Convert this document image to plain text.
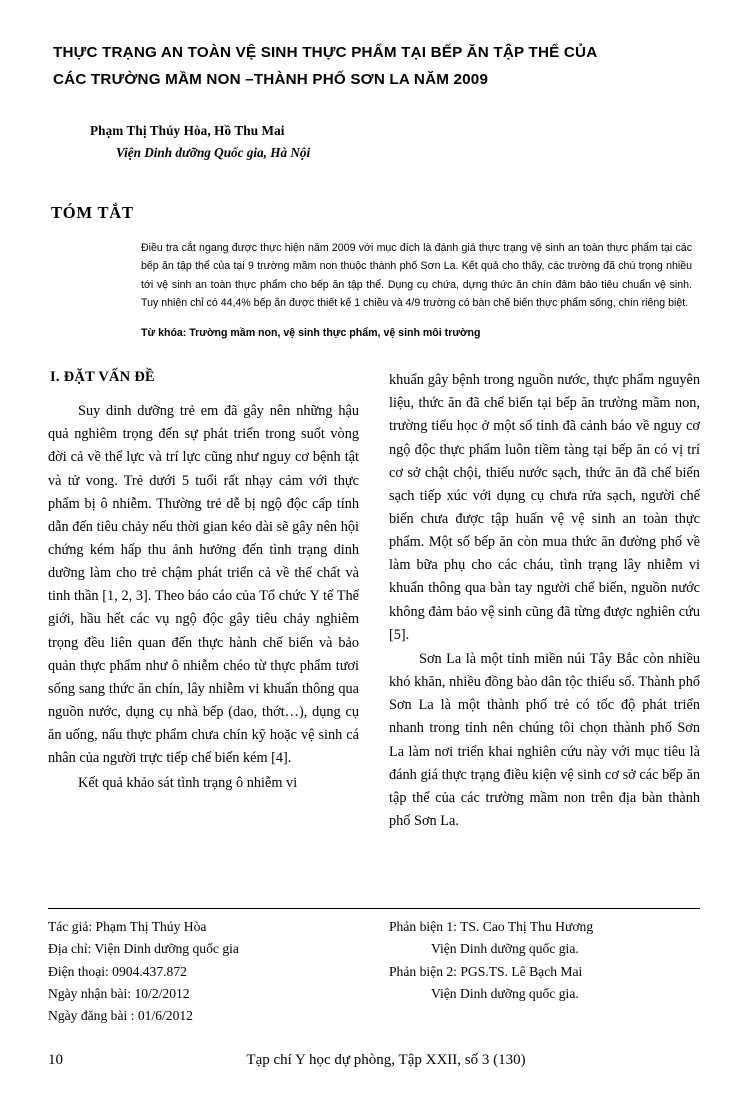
THỰC TRẠNG AN TOÀN VỆ SINH THỰC PHẨM TẠI BẾP ĂN TẬP THỂ CỦA
CÁC TRƯỜNG MẦM NON –THÀNH PHỐ SƠN LA NĂM 2009
Phạm Thị Thúy Hòa, Hồ Thu Mai
Viện Dinh dưỡng Quốc gia, Hà Nội
TÓM TẮT
Điều tra cắt ngang được thực hiện năm 2009 với mục đích là đánh giá thực trạng vệ sinh an toàn thực phẩm tại các bếp ăn tập thể của tại 9 trường mầm non thuộc thành phố Sơn La. Kết quả cho thấy, các trường đã chú trọng nhiều tới vệ sinh an toàn thực phẩm cho bếp ăn tập thể. Dụng cụ chứa, dựng thức ăn chín đảm bảo tiêu chuẩn vệ sinh. Tuy nhiên chỉ có 44,4% bếp ăn được thiết kế 1 chiều và 4/9 trường có bàn chế biến thực phẩm sống, chín riêng biệt.
Từ khóa: Trường mầm non, vệ sinh thực phẩm, vệ sinh môi trường
I. ĐẶT VẤN ĐỀ

Suy dinh dưỡng trẻ em đã gây nên những hậu quả nghiêm trọng đến sự phát triển trong suốt vòng đời cả về thể lực và trí lực cũng như nguy cơ bệnh tật và tử vong. Trẻ dưới 5 tuổi rất nhạy cảm với thực phẩm bị ô nhiễm. Thường trẻ dễ bị ngộ độc cấp tính dẫn đến tiêu chảy nếu thời gian kéo dài sẽ gây nên hội chứng kém hấp thu ảnh hưởng đến tình trạng dinh dưỡng làm cho trẻ chậm phát triển cả về thể chất và tinh thần [1, 2, 3]. Theo báo cáo của Tổ chức Y tế Thế giới, hầu hết các vụ ngộ độc gây tiêu chảy nghiêm trọng đều liên quan đến thực hành chế biến và bảo quản thực phẩm như ô nhiễm chéo từ thực phẩm tươi sống sang thức ăn chín, lây nhiễm vi khuẩn thông qua nguồn nước, dụng cụ nhà bếp (dao, thớt…), dụng cụ ăn uống, nấu thực phẩm chưa chín kỹ hoặc vệ sinh cá nhân của người trực tiếp chế biến kém [4].

Kết quả khảo sát tình trạng ô nhiễm vi

khuẩn gây bệnh trong nguồn nước, thực phẩm nguyên liệu, thức ăn đã chế biến tại bếp ăn trường mầm non, trường tiểu học ở một số tỉnh đã cảnh báo về nguy cơ ngộ độc thực phẩm luôn tiềm tàng tại bếp ăn có vị trí cơ sở chật chội, thiếu nước sạch, thức ăn đã chế biến sạch tiếp xúc với dụng cụ chưa rửa sạch, người chế biến chưa được tập huấn vệ vệ sinh an toàn thực phẩm. Một số bếp ăn còn mua thức ăn đường phố về làm bữa phụ cho các cháu, tình trạng lây nhiễm vi khuẩn thông qua bàn tay người chế biến, nguồn nước không đảm bảo vệ sinh cũng đã từng được nghiên cứu [5].

Sơn La là một tỉnh miền núi Tây Bắc còn nhiều khó khăn, nhiều đồng bào dân tộc thiểu số. Thành phố Sơn La là một thành phố trẻ có tốc độ phát triển nhanh trong tỉnh nên chúng tôi chọn thành phố Sơn La làm nơi triển khai nghiên cứu này với mục tiêu là đánh giá thực trạng điều kiện vệ sinh cơ sở các bếp ăn tập thể của các trường mầm non trên địa bàn thành phố Sơn La.

Tác giả: Phạm Thị Thúy Hòa
Địa chỉ: Viện Dinh dưỡng quốc gia
Điện thoại: 0904.437.872
Ngày nhận bài: 10/2/2012
Ngày đăng bài : 01/6/2012
Phản biện 1: TS. Cao Thị Thu Hương
Viện Dinh dưỡng quốc gia.
Phản biện 2: PGS.TS. Lê Bạch Mai
Viện Dinh dưỡng quốc gia.
10	Tạp chí Y học dự phòng, Tập XXII, số 3 (130)
